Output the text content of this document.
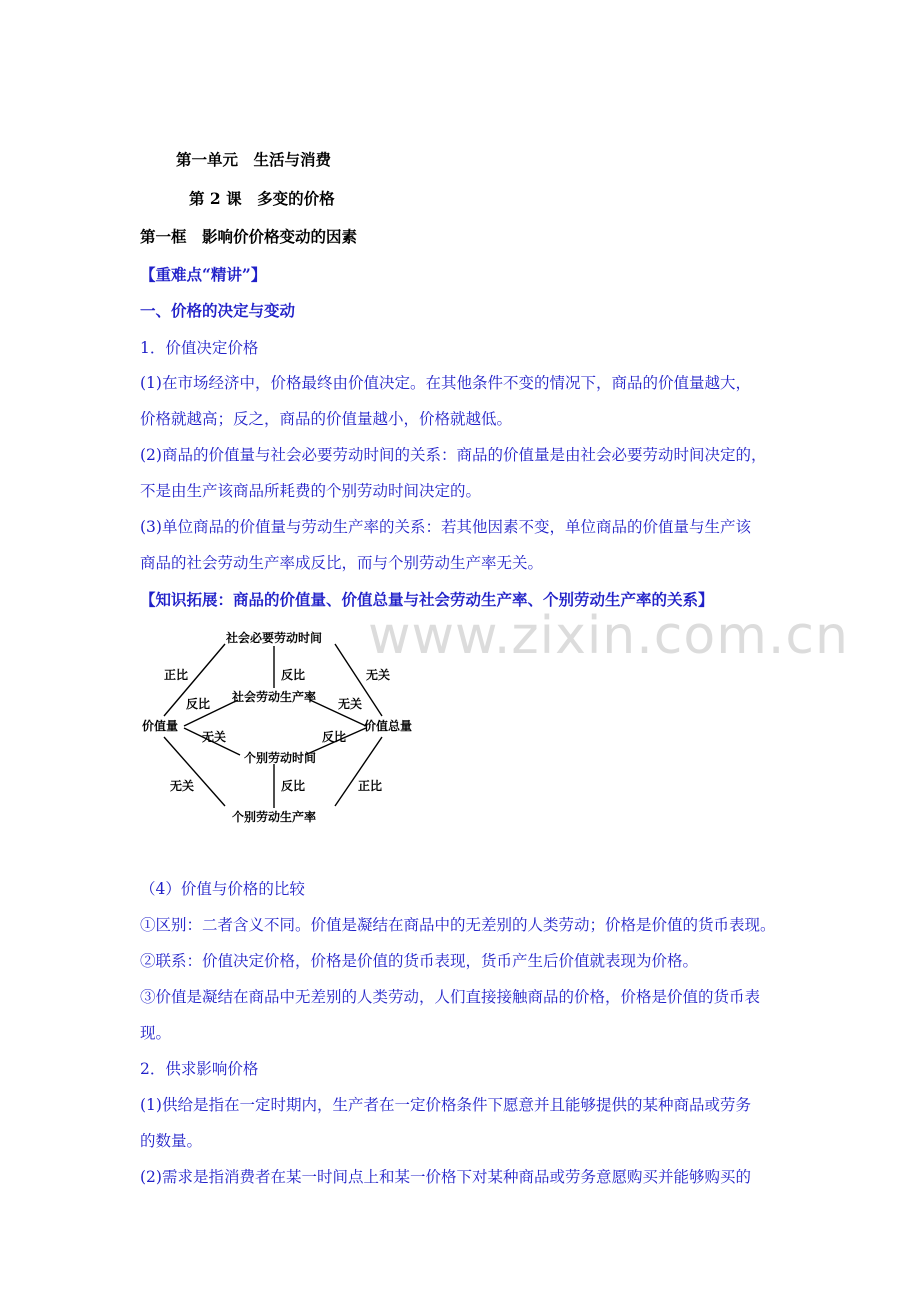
www.zixin.com.cn
第一单元　生活与消费
第 2 课　多变的价格
第一框　影响价价格变动的因素
【重难点“精讲”】
一、价格的决定与变动
1．价值决定价格
(1)在市场经济中，价格最终由价值决定。在其他条件不变的情况下，商品的价值量越大，
价格就越高；反之，商品的价值量越小，价格就越低。
(2)商品的价值量与社会必要劳动时间的关系：商品的价值量是由社会必要劳动时间决定的，
不是由生产该商品所耗费的个别劳动时间决定的。
(3)单位商品的价值量与劳动生产率的关系：若其他因素不变，单位商品的价值量与生产该
商品的社会劳动生产率成反比，而与个别劳动生产率无关。
【知识拓展：商品的价值量、价值总量与社会劳动生产率、个别劳动生产率的关系】
社会必要劳动时间
社会劳动生产率
价值量	价值总量
个别劳动时间
个别劳动生产率
正比	无关
反比
反比	无关
无关	反比
无关	反比	正比
（4）价值与价格的比较
①区别：二者含义不同。价值是凝结在商品中的无差别的人类劳动；价格是价值的货币表现。
②联系：价值决定价格，价格是价值的货币表现，货币产生后价值就表现为价格。
③价值是凝结在商品中无差别的人类劳动，人们直接接触商品的价格，价格是价值的货币表
现。
2．供求影响价格
(1)供给是指在一定时期内，生产者在一定价格条件下愿意并且能够提供的某种商品或劳务
的数量。
(2)需求是指消费者在某一时间点上和某一价格下对某种商品或劳务意愿购买并能够购买的
